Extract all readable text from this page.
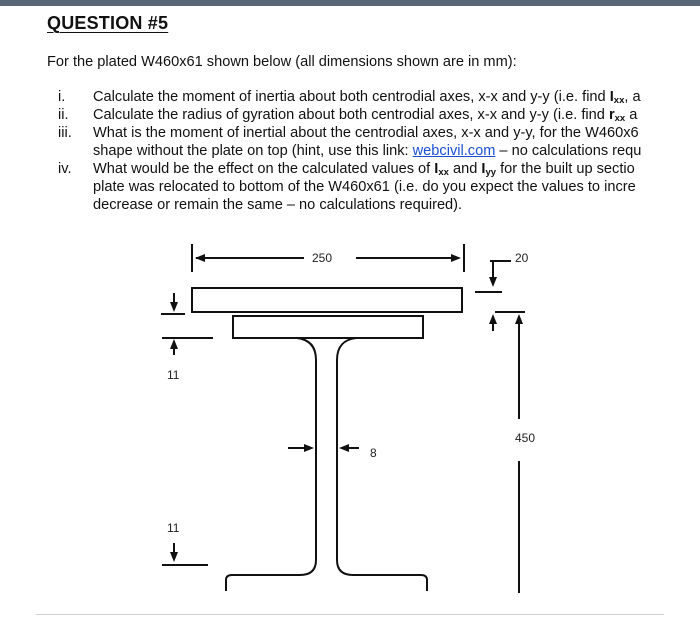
QUESTION #5
For the plated W460x61 shown below (all dimensions shown are in mm):
i. Calculate the moment of inertia about both centrodial axes, x-x and y-y (i.e. find $I_{xx}$, a
ii. Calculate the radius of gyration about both centrodial axes, x-x and y-y (i.e. find $r_{xx}$ a
iii. What is the moment of inertial about the centrodial axes, x-x and y-y, for the W460x6
shape without the plate on top (hint, use this link: webcivil.com – no calculations requ
iv. What would be the effect on the calculated values of $I_{xx}$ and $I_{yy}$ for the built up sectio
plate was relocated to bottom of the W460x61 (i.e. do you expect the values to incre
decrease or remain the same – no calculations required).
250	20
450
11
11
8
